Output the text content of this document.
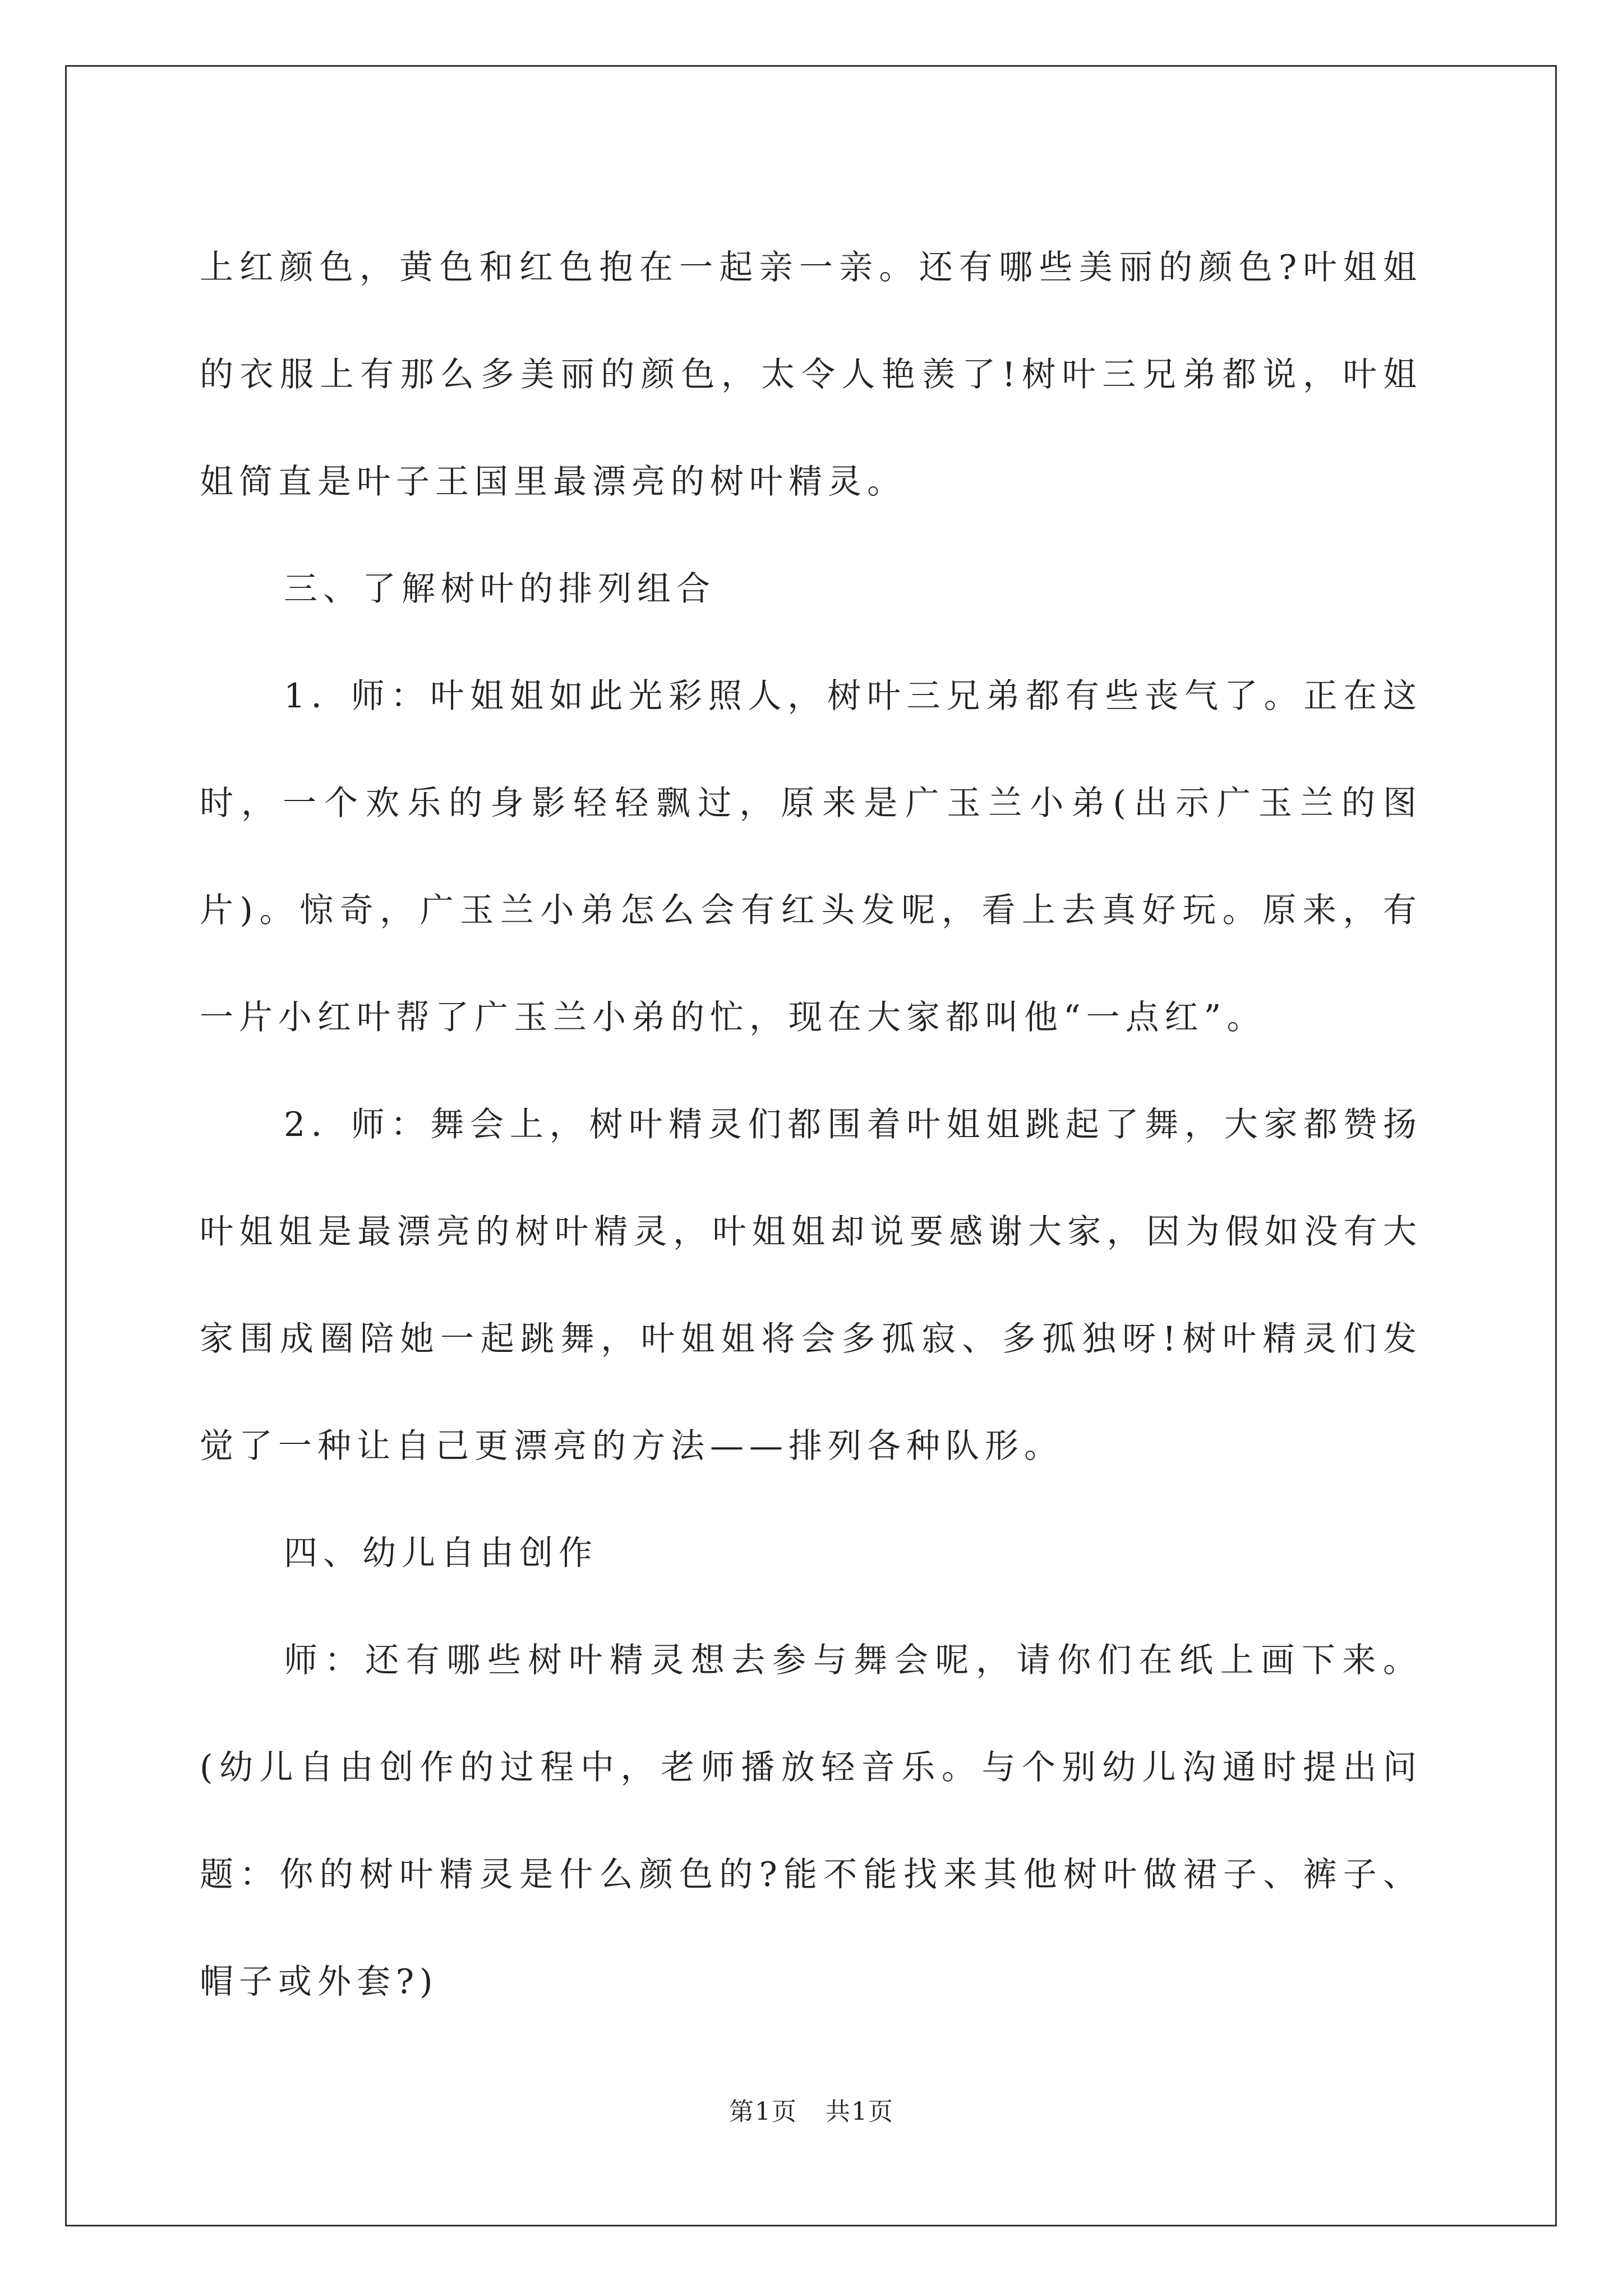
上红颜色，黄色和红色抱在一起亲一亲。还有哪些美丽的颜色?叶姐姐的衣服上有那么多美丽的颜色，太令人艳羡了!树叶三兄弟都说，叶姐姐简直是叶子王国里最漂亮的树叶精灵。

三、了解树叶的排列组合

1．师：叶姐姐如此光彩照人，树叶三兄弟都有些丧气了。正在这时，一个欢乐的身影轻轻飘过，原来是广玉兰小弟(出示广玉兰的图片)。惊奇，广玉兰小弟怎么会有红头发呢，看上去真好玩。原来，有一片小红叶帮了广玉兰小弟的忙，现在大家都叫他“一点红”。

2．师：舞会上，树叶精灵们都围着叶姐姐跳起了舞，大家都赞扬叶姐姐是最漂亮的树叶精灵，叶姐姐却说要感谢大家，因为假如没有大家围成圈陪她一起跳舞，叶姐姐将会多孤寂、多孤独呀!树叶精灵们发觉了一种让自己更漂亮的方法——排列各种队形。

四、幼儿自由创作

师：还有哪些树叶精灵想去参与舞会呢，请你们在纸上画下来。(幼儿自由创作的过程中，老师播放轻音乐。与个别幼儿沟通时提出问题：你的树叶精灵是什么颜色的?能不能找来其他树叶做裙子、裤子、帽子或外套?)

第1页 共1页
